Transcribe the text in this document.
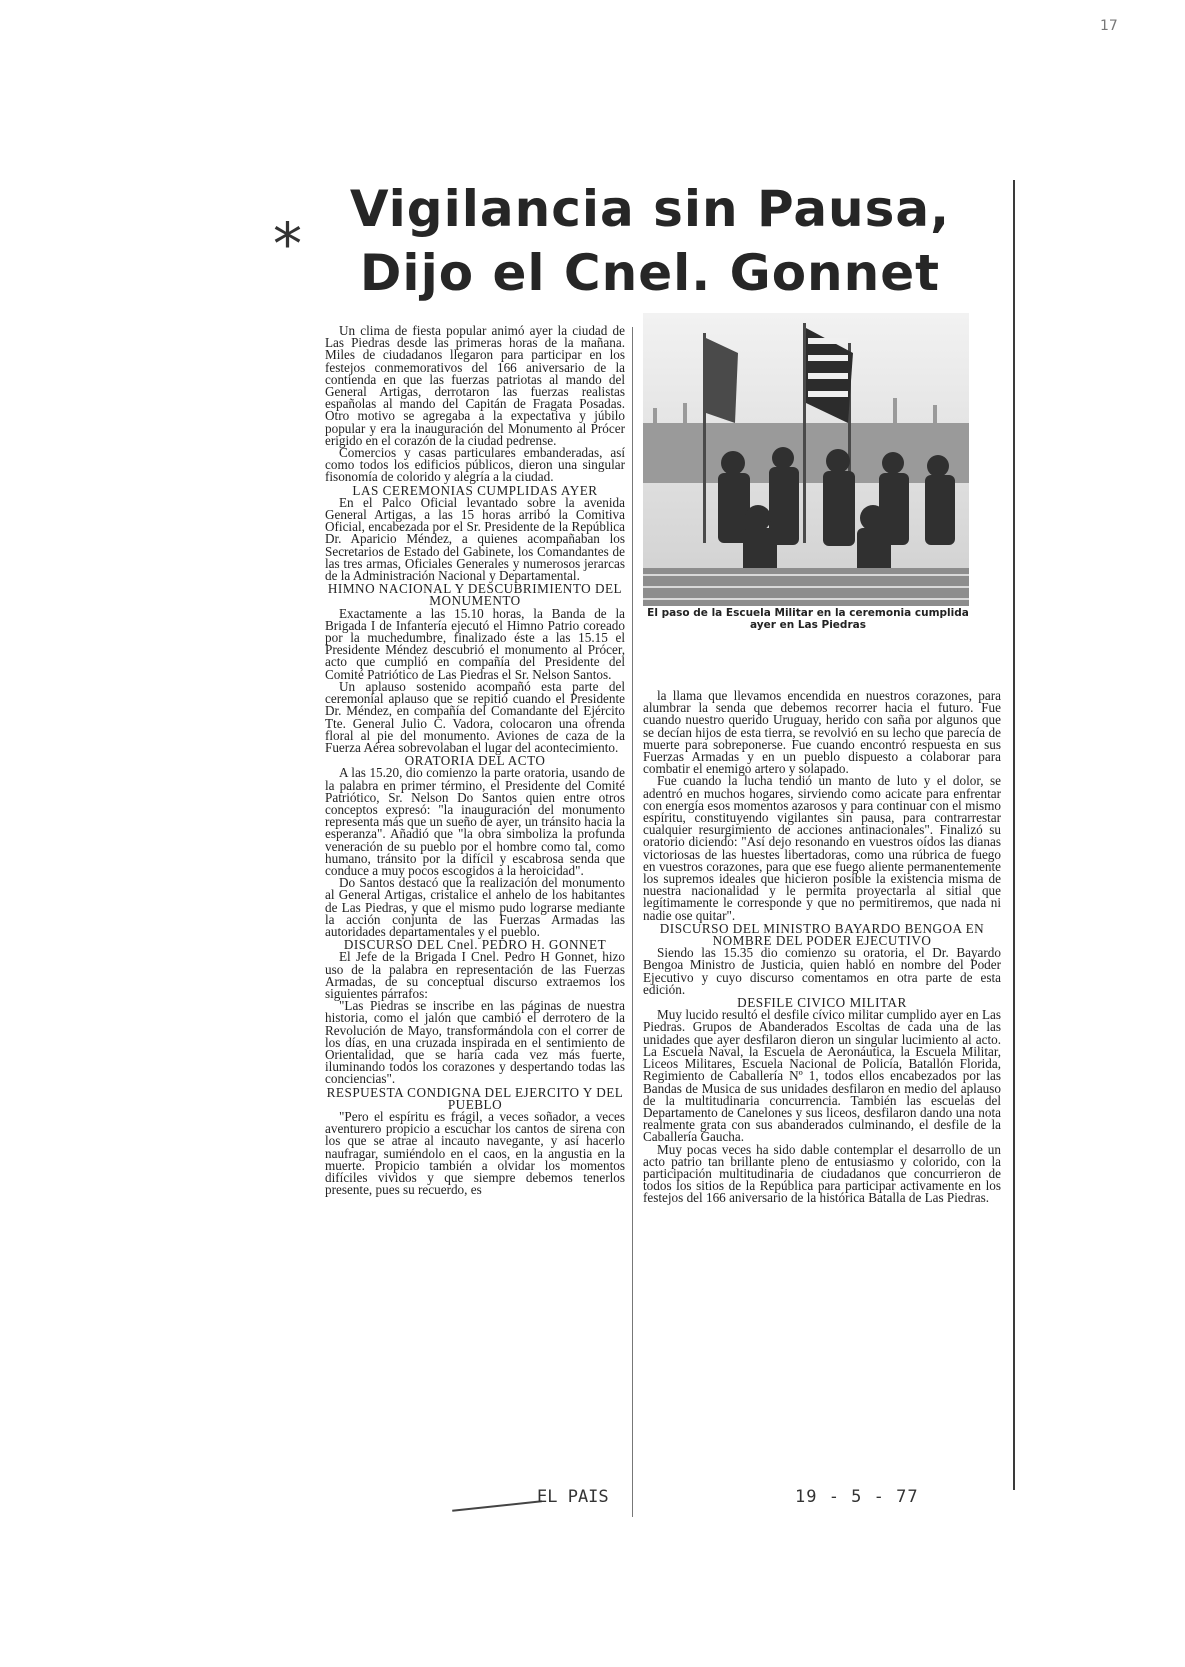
17
*
Vigilancia sin Pausa, Dijo el Cnel. Gonnet

Un clima de fiesta popular animó ayer la ciudad de Las Piedras desde las primeras horas de la mañana. Miles de ciudadanos llegaron para participar en los festejos conmemorativos del 166 aniversario de la contienda en que las fuerzas patriotas al mando del General Artigas, derrotaron las fuerzas realistas españolas al mando del Capitán de Fragata Posadas. Otro motivo se agregaba a la expectativa y júbilo popular y era la inauguración del Monumento al Prócer erigido en el corazón de la ciudad pedrense.

Comercios y casas particulares embanderadas, así como todos los edificios públicos, dieron una singular fisonomía de colorido y alegría a la ciudad.

LAS CEREMONIAS CUMPLIDAS AYER

En el Palco Oficial levantado sobre la avenida General Artigas, a las 15 horas arribó la Comitiva Oficial, encabezada por el Sr. Presidente de la República Dr. Aparicio Méndez, a quienes acompañaban los Secretarios de Estado del Gabinete, los Comandantes de las tres armas, Oficiales Generales y numerosos jerarcas de la Administración Nacional y Departamental.

HIMNO NACIONAL Y DESCUBRIMIENTO DEL MONUMENTO

Exactamente a las 15.10 horas, la Banda de la Brigada I de Infantería ejecutó el Himno Patrio coreado por la muchedumbre, finalizado éste a las 15.15 el Presidente Méndez descubrió el monumento al Prócer, acto que cumplió en compañía del Presidente del Comité Patriótico de Las Piedras el Sr. Nelson Santos.

Un aplauso sostenido acompañó esta parte del ceremonial aplauso que se repitió cuando el Presidente Dr. Méndez, en compañía del Comandante del Ejército Tte. General Julio C. Vadora, colocaron una ofrenda floral al pie del monumento. Aviones de caza de la Fuerza Aérea sobrevolaban el lugar del acontecimiento.

ORATORIA DEL ACTO

A las 15.20, dio comienzo la parte oratoria, usando de la palabra en primer término, el Presidente del Comité Patriótico, Sr. Nelson Do Santos quien entre otros conceptos expresó: "la inauguración del monumento representa más que un sueño de ayer, un tránsito hacia la esperanza". Añadió que "la obra simboliza la profunda veneración de su pueblo por el hombre como tal, como humano, tránsito por la difícil y escabrosa senda que conduce a muy pocos escogidos a la heroicidad".

Do Santos destacó que la realización del monumento al General Artigas, cristalice el anhelo de los habitantes de Las Piedras, y que el mismo pudo lograrse mediante la acción conjunta de las Fuerzas Armadas las autoridades departamentales y el pueblo.

DISCURSO DEL Cnel. PEDRO H. GONNET

El Jefe de la Brigada I Cnel. Pedro H Gonnet, hizo uso de la palabra en representación de las Fuerzas Armadas, de su conceptual discurso extraemos los siguientes párrafos:

"Las Piedras se inscribe en las páginas de nuestra historia, como el jalón que cambió el derrotero de la Revolución de Mayo, transformándola con el correr de los días, en una cruzada inspirada en el sentimiento de Orientalidad, que se haría cada vez más fuerte, iluminando todos los corazones y despertando todas las conciencias".

RESPUESTA CONDIGNA DEL EJERCITO Y DEL PUEBLO

"Pero el espíritu es frágil, a veces soñador, a veces aventurero propicio a escuchar los cantos de sirena con los que se atrae al incauto navegante, y así hacerlo naufragar, sumiéndolo en el caos, en la angustia en la muerte. Propicio también a olvidar los momentos difíciles vividos y que siempre debemos tenerlos presente, pues su recuerdo, es

El paso de la Escuela Militar en la ceremonia cumplida ayer en Las Piedras

la llama que llevamos encendida en nuestros corazones, para alumbrar la senda que debemos recorrer hacia el futuro. Fue cuando nuestro querido Uruguay, herido con saña por algunos que se decían hijos de esta tierra, se revolvió en su lecho que parecía de muerte para sobreponerse. Fue cuando encontró respuesta en sus Fuerzas Armadas y en un pueblo dispuesto a colaborar para combatir el enemigo artero y solapado.

Fue cuando la lucha tendió un manto de luto y el dolor, se adentró en muchos hogares, sirviendo como acicate para enfrentar con energía esos momentos azarosos y para continuar con el mismo espíritu, constituyendo vigilantes sin pausa, para contrarrestar cualquier resurgimiento de acciones antinacionales". Finalizó su oratorio diciendo: "Así dejo resonando en vuestros oídos las dianas victoriosas de las huestes libertadoras, como una rúbrica de fuego en vuestros corazones, para que ese fuego aliente permanentemente los supremos ideales que hicieron posible la existencia misma de nuestra nacionalidad y le permita proyectarla al sitial que legítimamente le corresponde y que no permitiremos, que nada ni nadie ose quitar".

DISCURSO DEL MINISTRO BAYARDO BENGOA EN NOMBRE DEL PODER EJECUTIVO

Siendo las 15.35 dio comienzo su oratoria, el Dr. Bayardo Bengoa Ministro de Justicia, quien habló en nombre del Poder Ejecutivo y cuyo discurso comentamos en otra parte de esta edición.

DESFILE CIVICO MILITAR

Muy lucido resultó el desfile cívico militar cumplido ayer en Las Piedras. Grupos de Abanderados Escoltas de cada una de las unidades que ayer desfilaron dieron un singular lucimiento al acto. La Escuela Naval, la Escuela de Aeronáutica, la Escuela Militar, Liceos Militares, Escuela Nacional de Policía, Batallón Florida, Regimiento de Caballería Nº 1, todos ellos encabezados por las Bandas de Musica de sus unidades desfilaron en medio del aplauso de la multitudinaria concurrencia. También las escuelas del Departamento de Canelones y sus liceos, desfilaron dando una nota realmente grata con sus abanderados culminando, el desfile de la Caballería Gaucha.

Muy pocas veces ha sido dable contemplar el desarrollo de un acto patrio tan brillante pleno de entusiasmo y colorido, con la participación multitudinaria de ciudadanos que concurrieron de todos los sitios de la República para participar activamente en los festejos del 166 aniversario de la histórica Batalla de Las Piedras.

EL PAIS	19 - 5 - 77
